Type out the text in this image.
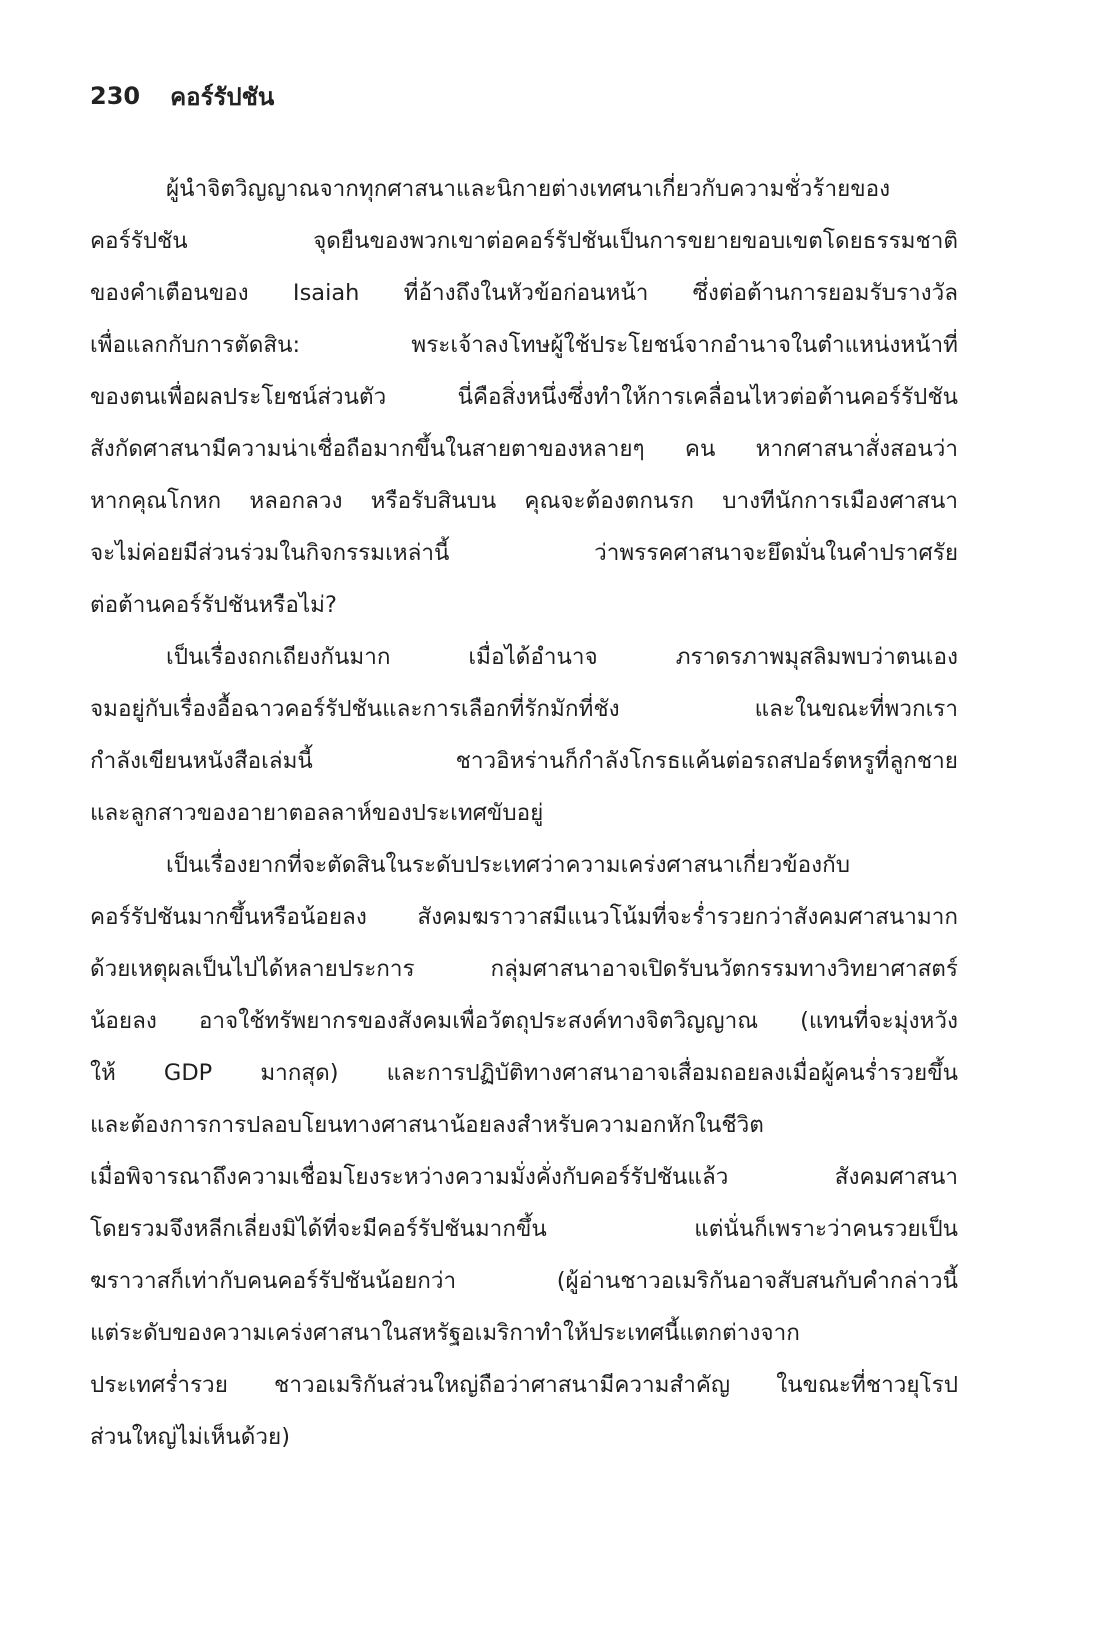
230 คอร์รัปชัน
ผู้นำจิตวิญญาณจากทุกศาสนาและนิกายต่างเทศนาเกี่ยวกับความชั่วร้ายของ
คอร์รัปชัน จุดยืนของพวกเขาต่อคอร์รัปชันเป็นการขยายขอบเขตโดยธรรมชาติ
ของคำเตือนของ Isaiah ที่อ้างถึงในหัวข้อก่อนหน้า ซึ่งต่อต้านการยอมรับรางวัล
เพื่อแลกกับการตัดสิน: พระเจ้าลงโทษผู้ใช้ประโยชน์จากอำนาจในตำแหน่งหน้าที่
ของตนเพื่อผลประโยชน์ส่วนตัว นี่คือสิ่งหนึ่งซึ่งทำให้การเคลื่อนไหวต่อต้านคอร์รัปชัน
สังกัดศาสนามีความน่าเชื่อถือมากขึ้นในสายตาของหลายๆ คน หากศาสนาสั่งสอนว่า
หากคุณโกหก หลอกลวง หรือรับสินบน คุณจะต้องตกนรก บางทีนักการเมืองศาสนา
จะไม่ค่อยมีส่วนร่วมในกิจกรรมเหล่านี้ ว่าพรรคศาสนาจะยึดมั่นในคำปราศรัย
ต่อต้านคอร์รัปชันหรือไม่?
เป็นเรื่องถกเถียงกันมาก เมื่อได้อำนาจ ภราดรภาพมุสลิมพบว่าตนเอง
จมอยู่กับเรื่องอื้อฉาวคอร์รัปชันและการเลือกที่รักมักที่ชัง และในขณะที่พวกเรา
กำลังเขียนหนังสือเล่มนี้ ชาวอิหร่านก็กำลังโกรธแค้นต่อรถสปอร์ตหรูที่ลูกชาย
และลูกสาวของอายาตอลลาห์ของประเทศขับอยู่
เป็นเรื่องยากที่จะตัดสินในระดับประเทศว่าความเคร่งศาสนาเกี่ยวข้องกับ
คอร์รัปชันมากขึ้นหรือน้อยลง สังคมฆราวาสมีแนวโน้มที่จะร่ำรวยกว่าสังคมศาสนามาก
ด้วยเหตุผลเป็นไปได้หลายประการ กลุ่มศาสนาอาจเปิดรับนวัตกรรมทางวิทยาศาสตร์
น้อยลง อาจใช้ทรัพยากรของสังคมเพื่อวัตถุประสงค์ทางจิตวิญญาณ (แทนที่จะมุ่งหวัง
ให้ GDP มากสุด) และการปฏิบัติทางศาสนาอาจเสื่อมถอยลงเมื่อผู้คนร่ำรวยขึ้น
และต้องการการปลอบโยนทางศาสนาน้อยลงสำหรับความอกหักในชีวิต
เมื่อพิจารณาถึงความเชื่อมโยงระหว่างความมั่งคั่งกับคอร์รัปชันแล้ว สังคมศาสนา
โดยรวมจึงหลีกเลี่ยงมิได้ที่จะมีคอร์รัปชันมากขึ้น แต่นั่นก็เพราะว่าคนรวยเป็น
ฆราวาสก็เท่ากับคนคอร์รัปชันน้อยกว่า (ผู้อ่านชาวอเมริกันอาจสับสนกับคำกล่าวนี้
แต่ระดับของความเคร่งศาสนาในสหรัฐอเมริกาทำให้ประเทศนี้แตกต่างจาก
ประเทศร่ำรวย ชาวอเมริกันส่วนใหญ่ถือว่าศาสนามีความสำคัญ ในขณะที่ชาวยุโรป
ส่วนใหญ่ไม่เห็นด้วย)
